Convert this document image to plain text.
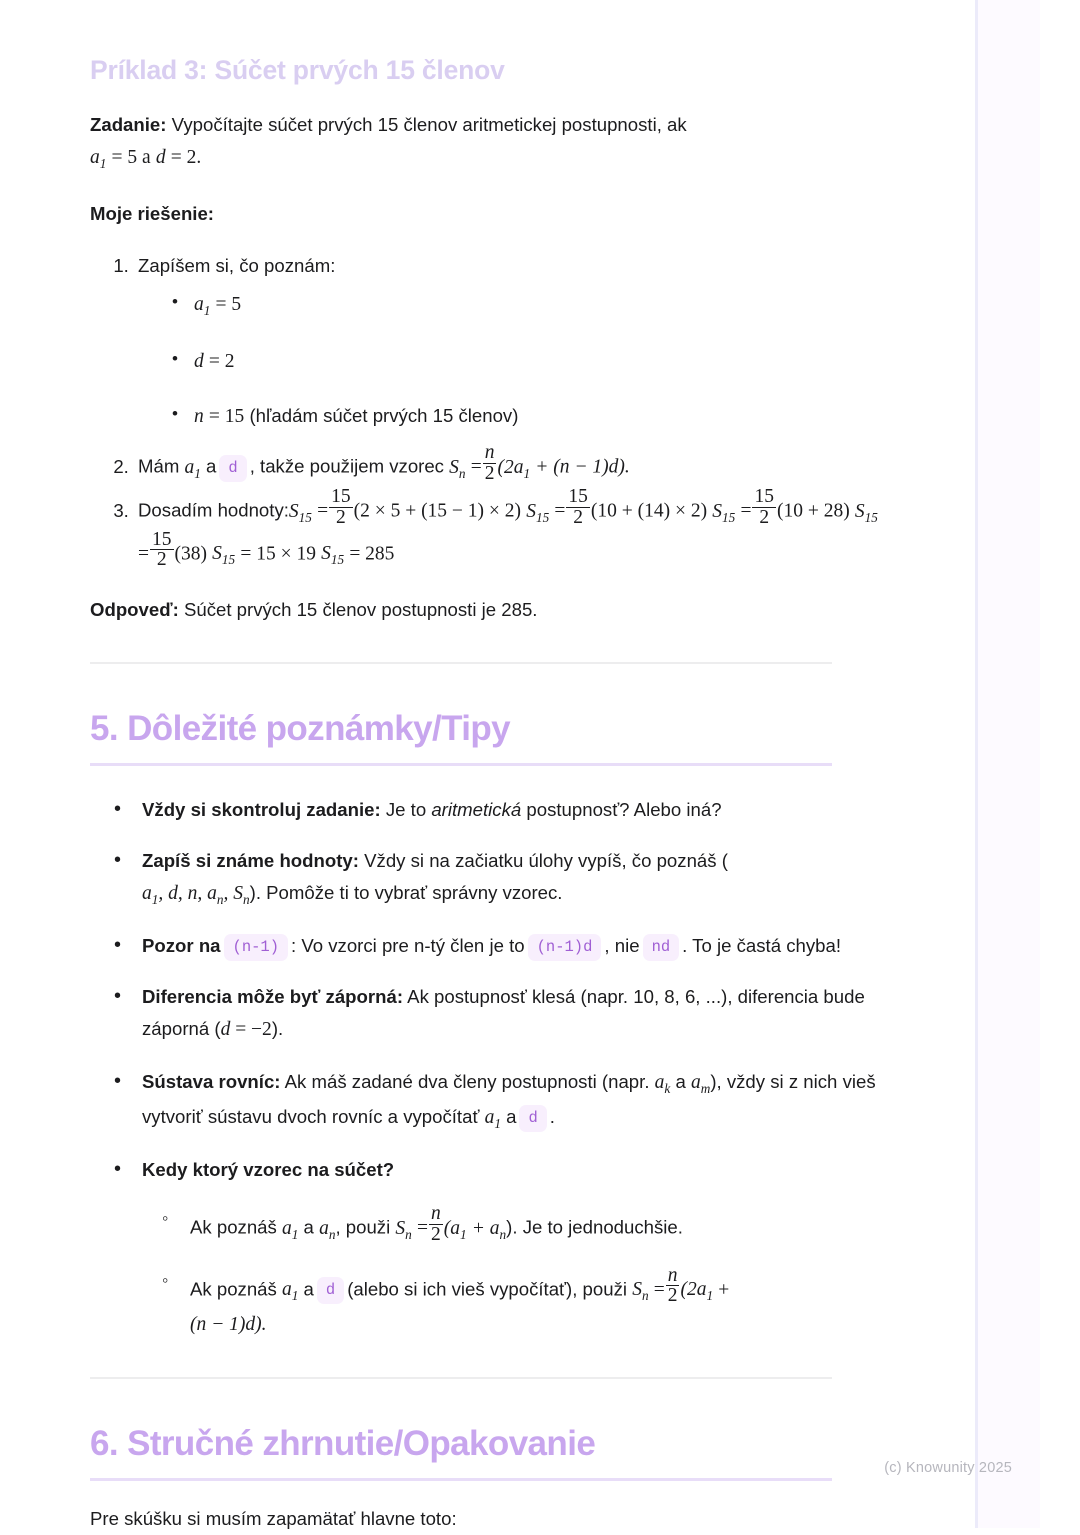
Príklad 3: Súčet prvých 15 členov

Zadanie: Vypočítajte súčet prvých 15 členov aritmetickej postupnosti, ak
$a_1 = 5$ a d = 2.

Moje riešenie:

1. Zapíšem si, čo poznám:
• $a_1 = 5$
• d = 2
• n = 15 (hľadám súčet prvých 15 členov)
2. Mám $a_1$ a d , takže použijem vzorec $S_n = \frac{n}{2} (2a_1 + (n - 1)d)$.
3. Dosadím $hodnoty:S_{15} = \frac{15}{2} (2 \times 5 + (15 - 1) \times 2) S_{15} = \frac{15}{2} (10 + (14) \times 2) S_{15} = \frac{15}{2} (10 + 28) S_{15} = \frac{15}{2} (38) S_{15} = 15 \times 19$ $S_{15} = 285$

Odpoveď: Súčet prvých 15 členov postupnosti je 285.

5. Dôležité poznámky/Tipy
• Vždy si skontroluj zadanie: Je to aritmetická postupnosť? Alebo iná?
• Zapíš si známe hodnoty: Vždy si na začiatku úlohy vypíš, čo poznáš (
$a_1$, d, n, $a_n$, $S_n$). Pomôže ti to vybrať správny vzorec.
• Pozor na (n-1) : Vo vzorci pre n-tý člen je to (n-1)d , nie nd . To je častá chyba!
• Diferencia môže byť záporná: Ak postupnosť klesá (napr. 10, 8, 6, ...), diferencia bude záporná (d = −2).
• Sústava rovníc: Ak máš zadané dva členy postupnosti (napr. $a_k$ a $a_m$), vždy si z nich vieš vytvoriť sústavu dvoch rovníc a vypočítať $a_1$ a d .
• Kedy ktorý vzorec na súčet?
◦ Ak poznáš $a_1$ a $a_n$, použi $S_n = \frac{n}{2} (a_1 + a_n)$. Je to jednoduchšie.
◦ Ak poznáš $a_1$ a d (alebo si ich vieš vypočítať), použi $S_n = \frac{n}{2} (2a_1$ +
(n − 1)d).
6. Stručné zhrnutie/Opakovanie

Pre skúšku si musím zapamätať hlavne toto:

(c) Knowunity 2025
